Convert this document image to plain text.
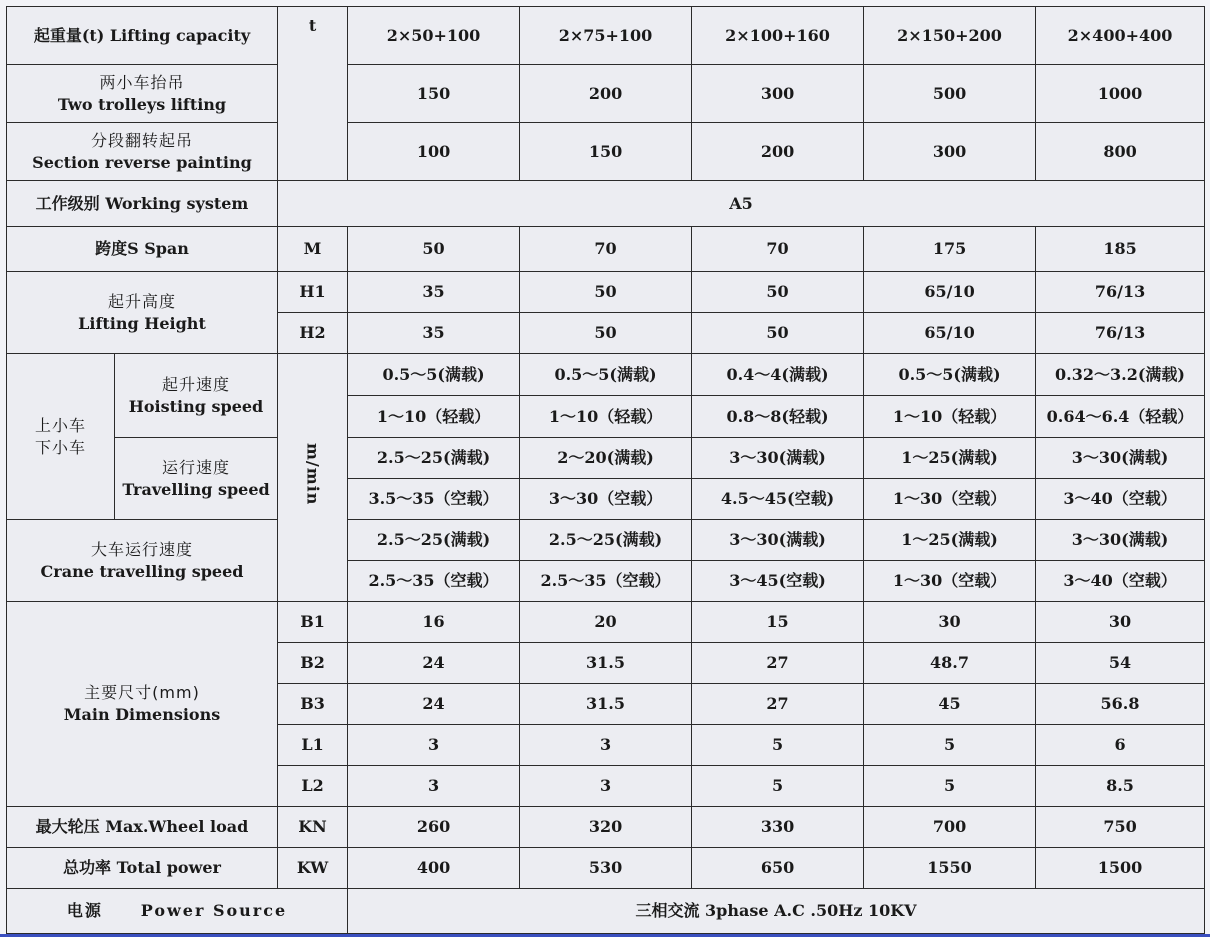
起重量(t) Lifting capacity		t	2×50+100	2×75+100	2×100+160	2×150+200	2×400+400

两小车抬吊
Two trolleys lifting			150	200	300	500	1000

分段翻转起吊
Section reverse painting			100	150	200	300	800
工作级别 Working system		A5					
跨度S Span		M	50	70	70	175	185

起升高度
Lifting Height		H1	35	50	50	65/10	76/13
		H2	35	50	50	65/10	76/13

上小车
下小车	起升速度
Hoisting speed	m/min	0.5～5(满载)	0.5～5(满载)	0.4～4(满载)	0.5～5(满载)	0.32～3.2(满载)
			1～10（轻载）	1～10（轻载）	0.8～8(轻载)	1～10（轻载）	0.64～6.4（轻载）

	运行速度
Travelling speed		2.5～25(满载)	2～20(满载)	3～30(满载)	1～25(满载)	3～30(满载)
			3.5～35（空载）	3～30（空载）	4.5～45(空载)	1～30（空载）	3～40（空载）

大车运行速度
Crane travelling speed			2.5～25(满载)	2.5～25(满载)	3～30(满载)	1～25(满载)	3～30(满载)
			2.5～35（空载）	2.5～35（空载）	3～45(空载)	1～30（空载）	3～40（空载）

主要尺寸(mm)
Main Dimensions		B1	16	20	15	30	30
		B2	24	31.5	27	48.7	54
		B3	24	31.5	27	45	56.8
		L1	3	3	5	5	6
		L2	3	3	5	5	8.5
最大轮压 Max.Wheel load		KN	260	320	330	700	750
总功率 Total power		KW	400	530	650	1550	1500
电源 Power Source			三相交流 3phase A.C .50Hz 10KV				
